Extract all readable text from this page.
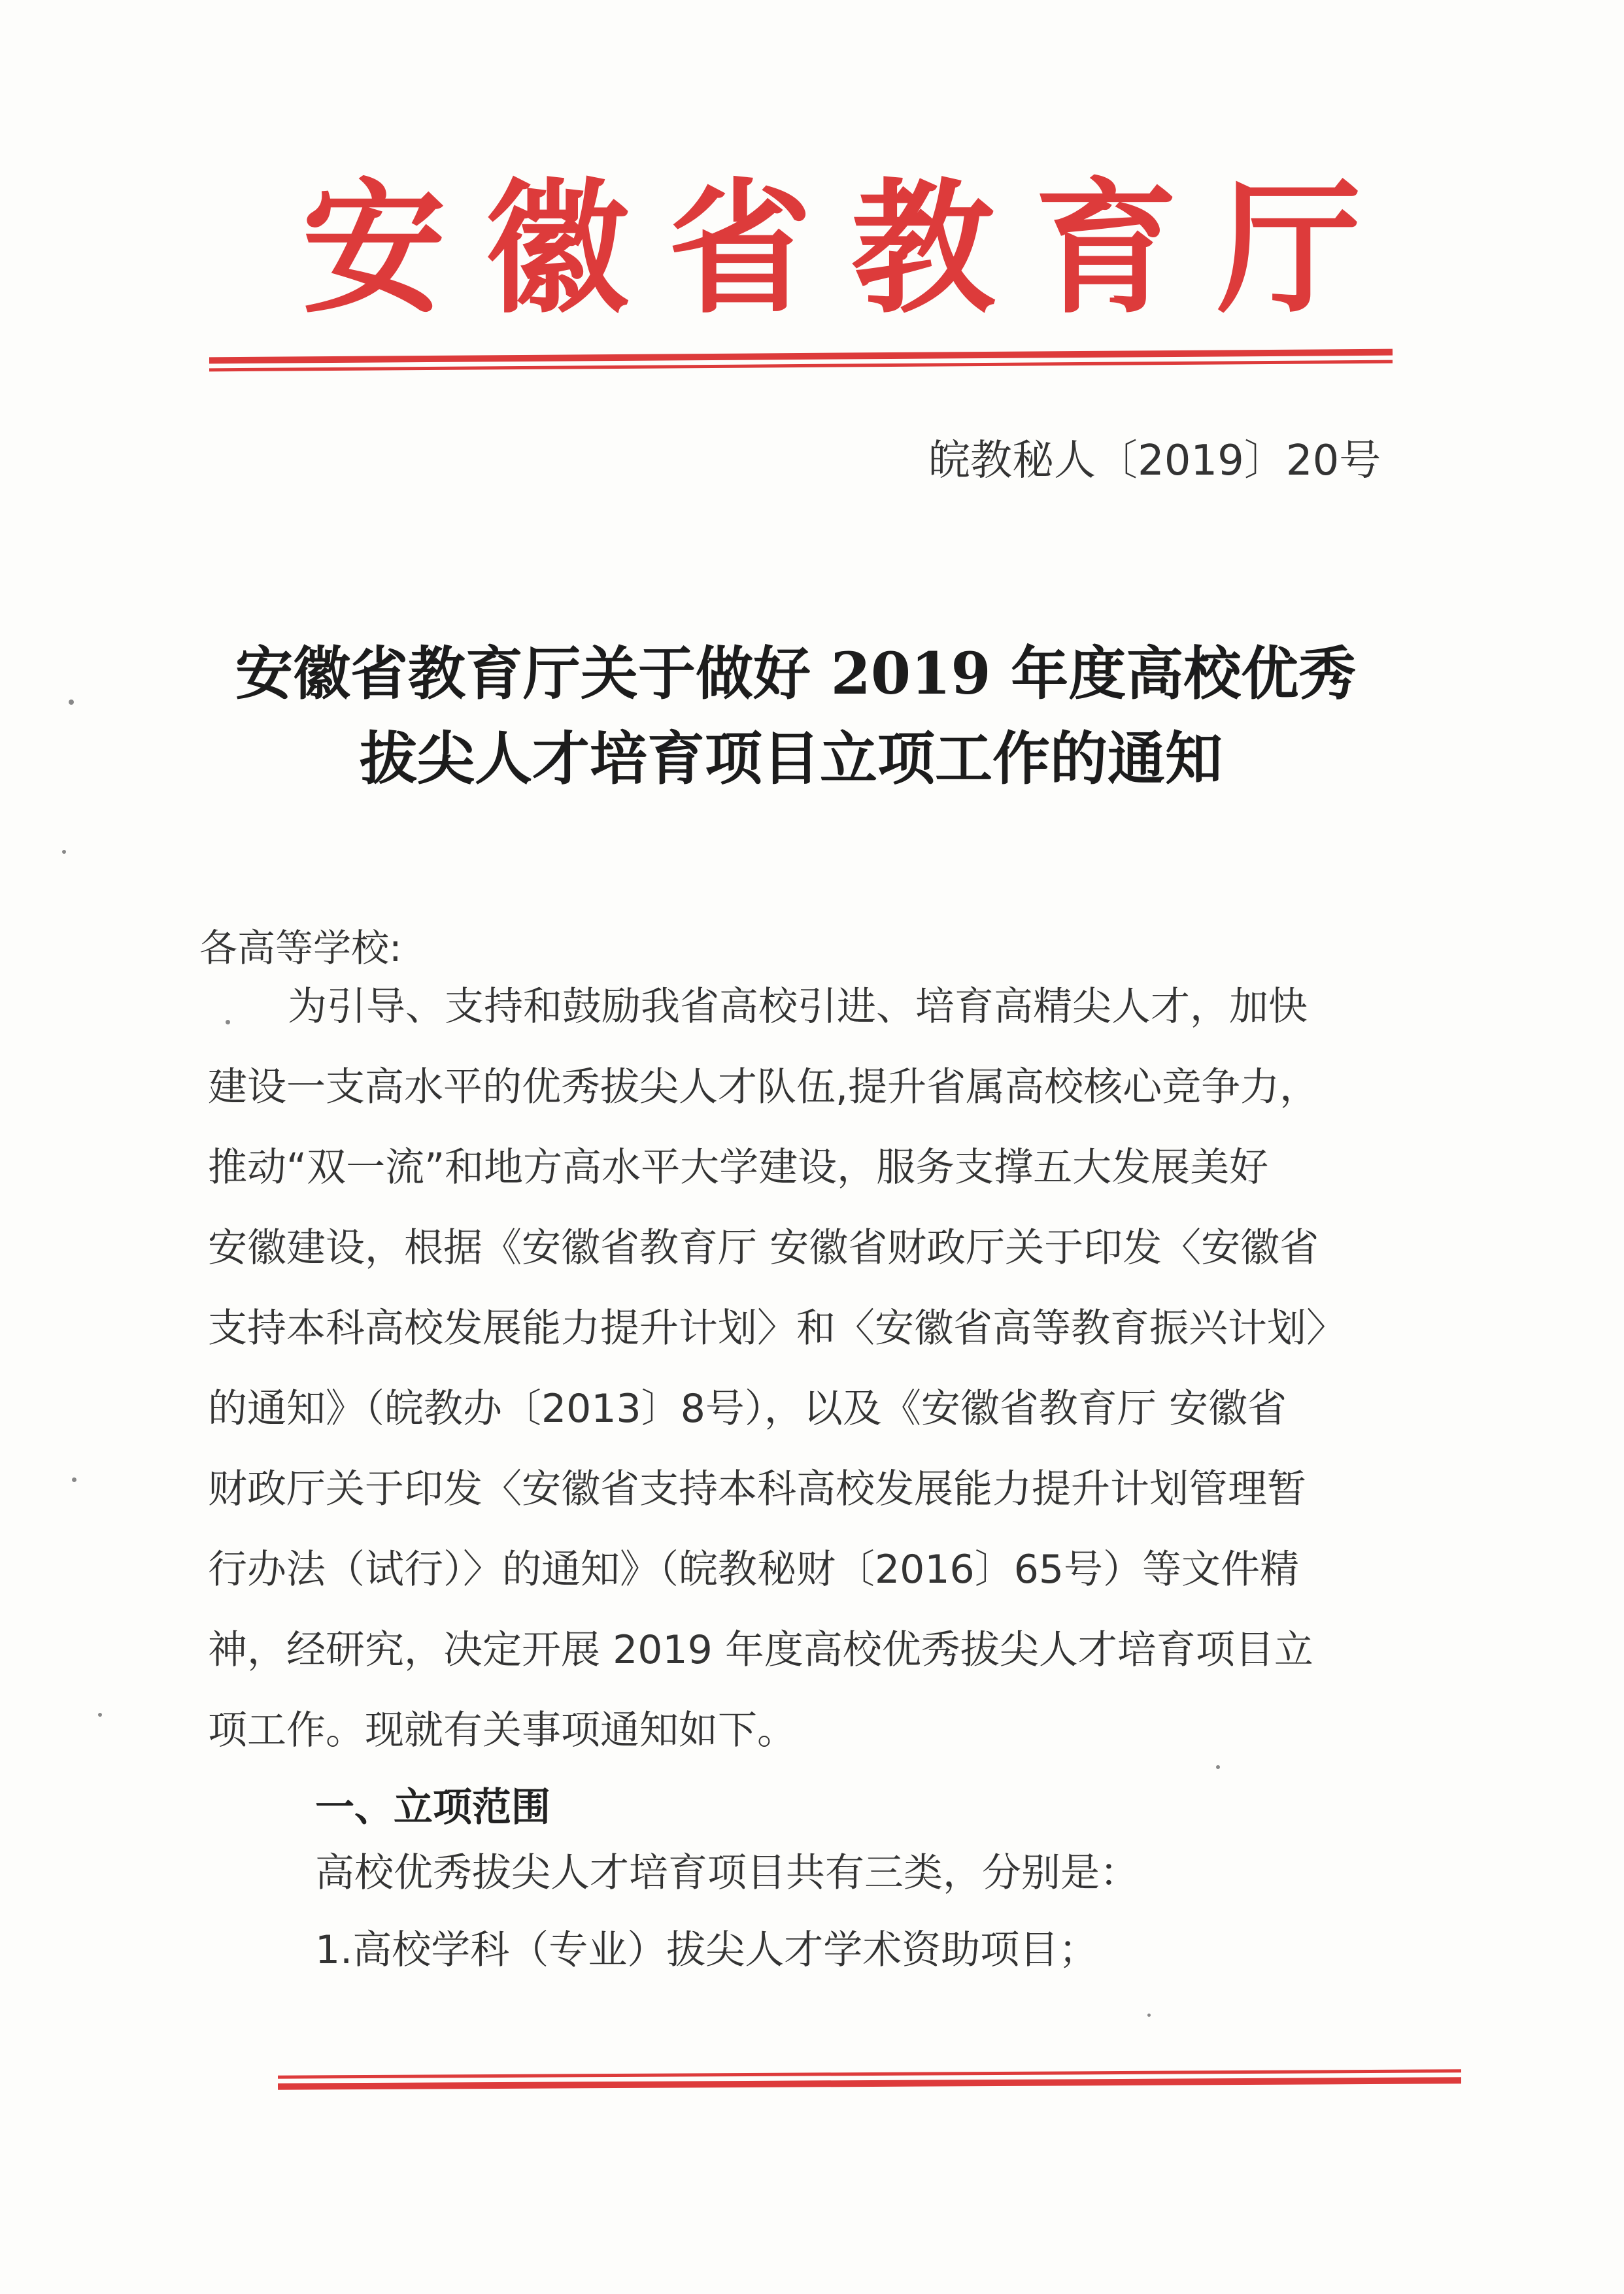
安徽省教育厅
皖教秘人〔2019〕20号
安徽省教育厅关于做好 2019 年度高校优秀
拔尖人才培育项目立项工作的通知
各高等学校:
为引导、支持和鼓励我省高校引进、培育高精尖人才，加快
建设一支高水平的优秀拔尖人才队伍,提升省属高校核心竞争力，
推动“双一流”和地方高水平大学建设，服务支撑五大发展美好
安徽建设，根据《安徽省教育厅 安徽省财政厅关于印发〈安徽省
支持本科高校发展能力提升计划〉和〈安徽省高等教育振兴计划〉
的通知》（皖教办〔2013〕8号），以及《安徽省教育厅 安徽省
财政厅关于印发〈安徽省支持本科高校发展能力提升计划管理暂
行办法（试行）〉的通知》（皖教秘财〔2016〕65号）等文件精
神，经研究，决定开展 2019 年度高校优秀拔尖人才培育项目立
项工作。现就有关事项通知如下。
一、立项范围
高校优秀拔尖人才培育项目共有三类，分别是：
1.高校学科（专业）拔尖人才学术资助项目；
